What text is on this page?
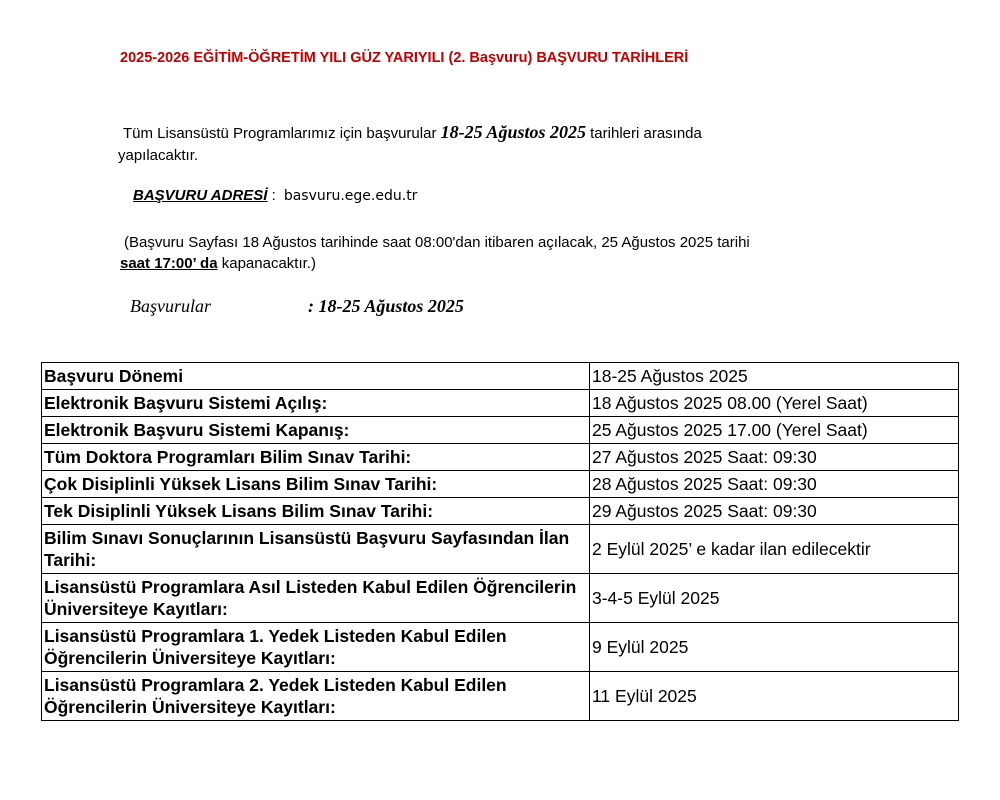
2025-2026 EĞİTİM-ÖĞRETİM YILI GÜZ YARIYILI (2. Başvuru) BAŞVURU TARİHLERİ
Tüm Lisansüstü Programlarımız için başvurular 18-25 Ağustos 2025 tarihleri arasında
yapılacaktır.
BAŞVURU ADRESİ : basvuru.ege.edu.tr
(Başvuru Sayfası 18 Ağustos tarihinde saat 08:00'dan itibaren açılacak, 25 Ağustos 2025 tarihi
saat 17:00’ da kapanacaktır.)
Başvurular	: 18-25 Ağustos 2025
Başvuru Dönemi	18-25 Ağustos 2025
Elektronik Başvuru Sistemi Açılış:	18 Ağustos 2025 08.00 (Yerel Saat)
Elektronik Başvuru Sistemi Kapanış:	25 Ağustos 2025 17.00 (Yerel Saat)
Tüm Doktora Programları Bilim Sınav Tarihi:	27 Ağustos 2025 Saat: 09:30
Çok Disiplinli Yüksek Lisans Bilim Sınav Tarihi:	28 Ağustos 2025 Saat: 09:30
Tek Disiplinli Yüksek Lisans Bilim Sınav Tarihi:	29 Ağustos 2025 Saat: 09:30
Bilim Sınavı Sonuçlarının Lisansüstü Başvuru Sayfasından İlan Tarihi:	2 Eylül 2025’ e kadar ilan edilecektir
Lisansüstü Programlara Asıl Listeden Kabul Edilen Öğrencilerin Üniversiteye Kayıtları:	3-4-5 Eylül 2025
Lisansüstü Programlara 1. Yedek Listeden Kabul Edilen Öğrencilerin Üniversiteye Kayıtları:	9 Eylül 2025
Lisansüstü Programlara 2. Yedek Listeden Kabul Edilen Öğrencilerin Üniversiteye Kayıtları:	11 Eylül 2025
